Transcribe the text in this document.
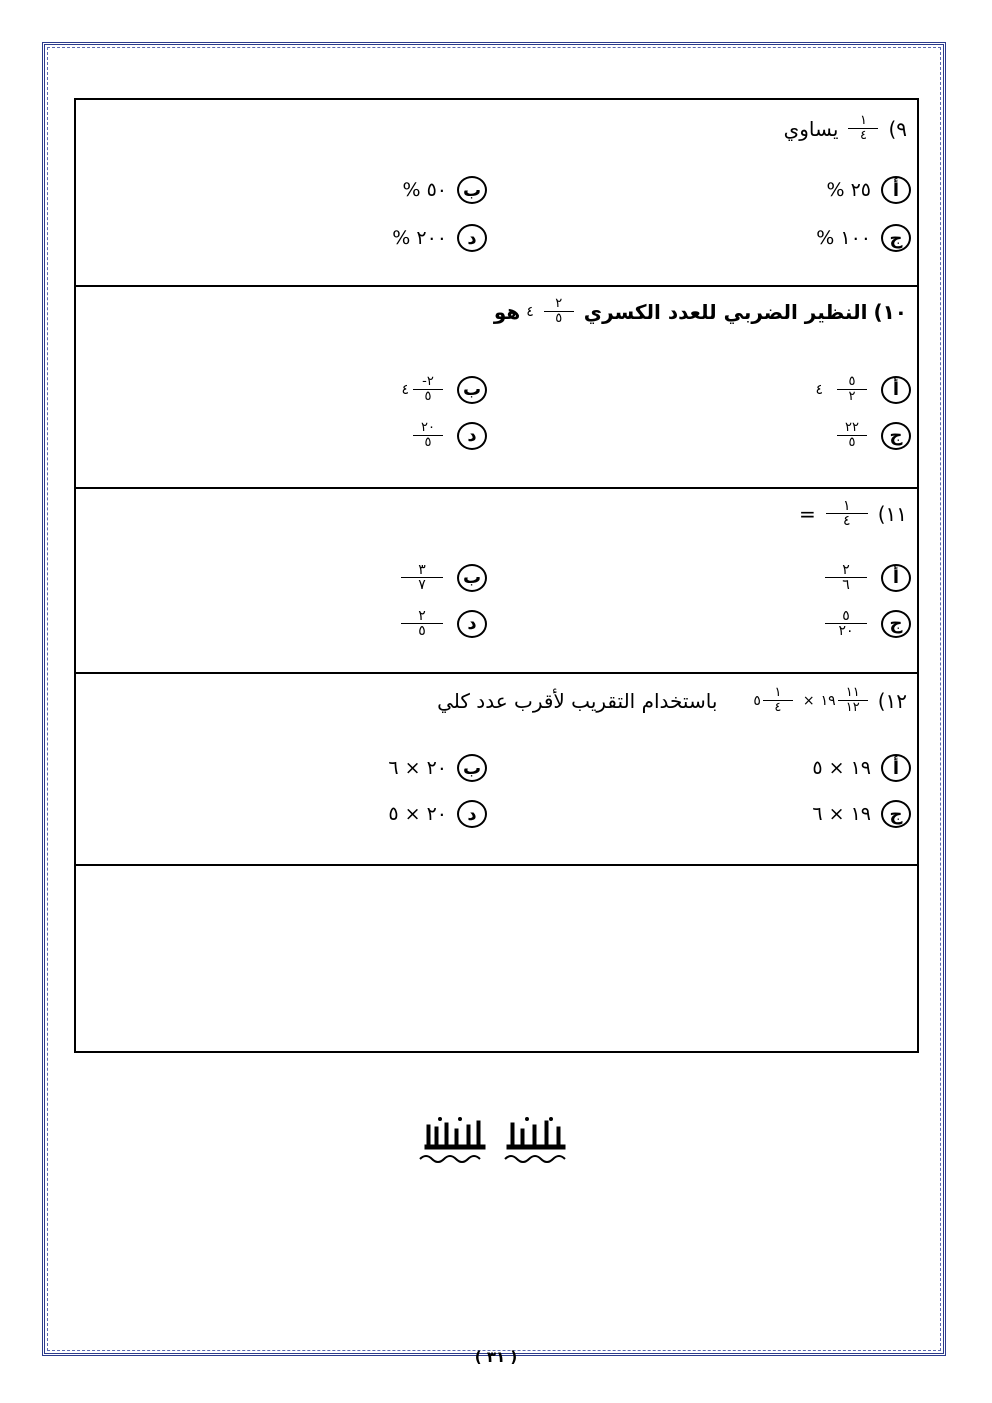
٩)
$\frac{١}{٤}$
يساوي
أ
٢٥ %
ب
٥٠ %
ج
١٠٠ %
د
٢٠٠ %
١٠)
النظير الضربي للعدد الكسري
$\frac{٢}{٥}$
٤
هو
أ
$\frac{٥}{٢}$
٤
ب
$\frac{٢-}{٥}$
٤
ج
$\frac{٢٢}{٥}$
د
$\frac{٢٠}{٥}$
١١)
$\frac{١}{٤}$
=
أ
$\frac{٢}{٦}$
ب
$\frac{٣}{٧}$
ج
$\frac{٥}{٢٠}$
د
$\frac{٢}{٥}$
١٢)
$\frac{١١}{١٢}$
١٩
×
$\frac{١}{٤}$
٥
باستخدام التقريب لأقرب عدد كلي
أ
١٩ × ٥
ب
٢٠ × ٦
ج
١٩ × ٦
د
٢٠ × ٥
( ٣١ )
